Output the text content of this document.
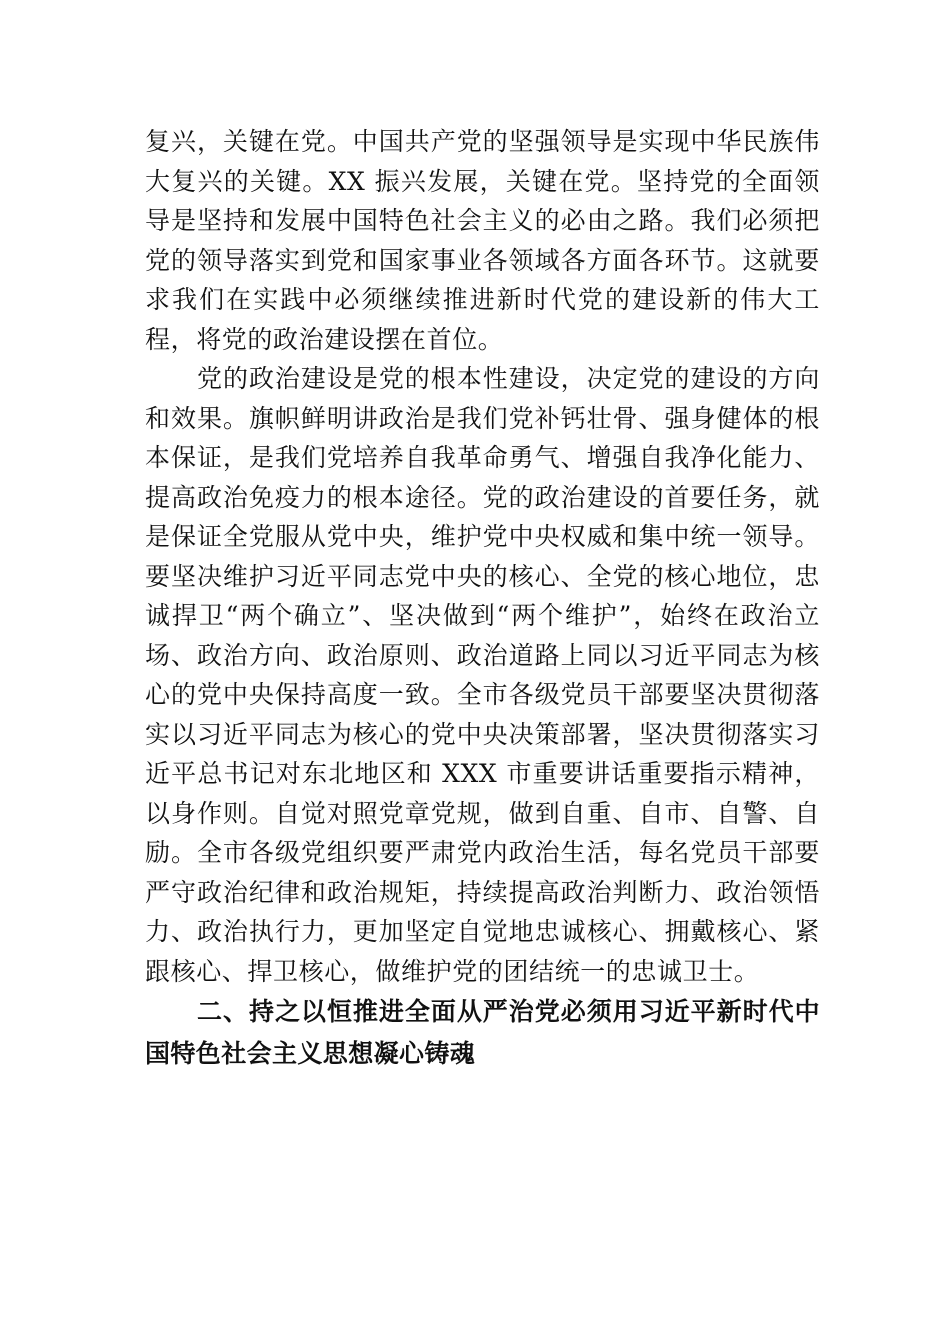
复兴，关键在党。中国共产党的坚强领导是实现中华民族伟大复兴的关键。XX 振兴发展，关键在党。坚持党的全面领导是坚持和发展中国特色社会主义的必由之路。我们必须把党的领导落实到党和国家事业各领域各方面各环节。这就要求我们在实践中必须继续推进新时代党的建设新的伟大工程，将党的政治建设摆在首位。

党的政治建设是党的根本性建设，决定党的建设的方向和效果。旗帜鲜明讲政治是我们党补钙壮骨、强身健体的根本保证，是我们党培养自我革命勇气、增强自我净化能力、 提高政治免疫力的根本途径。党的政治建设的首要任务，就是保证全党服从党中央，维护党中央权威和集中统一领导。 要坚决维护习近平同志党中央的核心、全党的核心地位，忠诚捍卫“两个确立”、坚决做到“两个维护”，始终在政治立场、政治方向、政治原则、政治道路上同以习近平同志为核心的党中央保持高度一致。全市各级党员干部要坚决贯彻落实以习近平同志为核心的党中央决策部署，坚决贯彻落实习近平总书记对东北地区和 XXX 市重要讲话重要指示精神， 以身作则。自觉对照党章党规，做到自重、自市、自警、自励。全市各级党组织要严肃党内政治生活，每名党员干部要严守政治纪律和政治规矩，持续提高政治判断力、政治领悟力、政治执行力，更加坚定自觉地忠诚核心、拥戴核心、紧跟核心、捍卫核心，做维护党的团结统一的忠诚卫士。

二、持之以恒推进全面从严治党必须用习近平新时代中国特色社会主义思想凝心铸魂
